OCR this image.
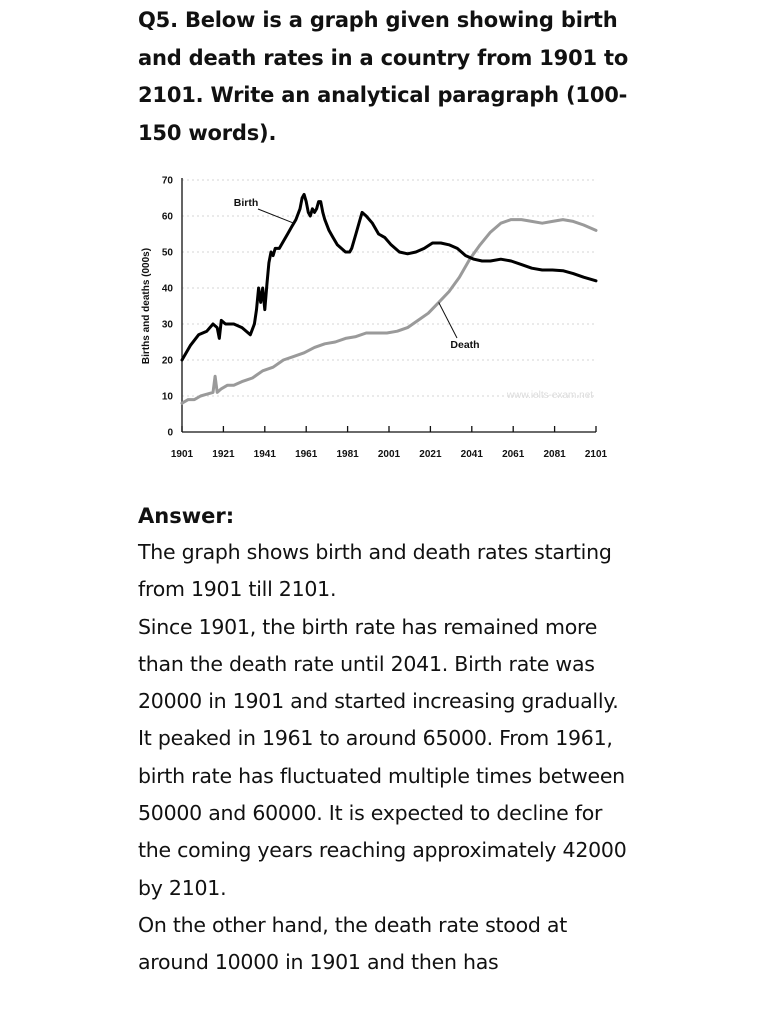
Q5. Below is a graph given showing birth and death rates in a country from 1901 to 2101. Write an analytical paragraph (100-150 words).

0
10
20
30
40
50
60
70
1901 1921 1941 1961 1981 2001 2021 2041 2061 2081 2101
Births and deaths (000s)
www.ielts-exam.net
Birth
Death
Answer:

The graph shows birth and death rates starting from 1901 till 2101.

Since 1901, the birth rate has remained more than the death rate until 2041. Birth rate was 20000 in 1901 and started increasing gradually. It peaked in 1961 to around 65000. From 1961, birth rate has fluctuated multiple times between 50000 and 60000. It is expected to decline for the coming years reaching approximately 42000 by 2101.

On the other hand, the death rate stood at around 10000 in 1901 and then has
